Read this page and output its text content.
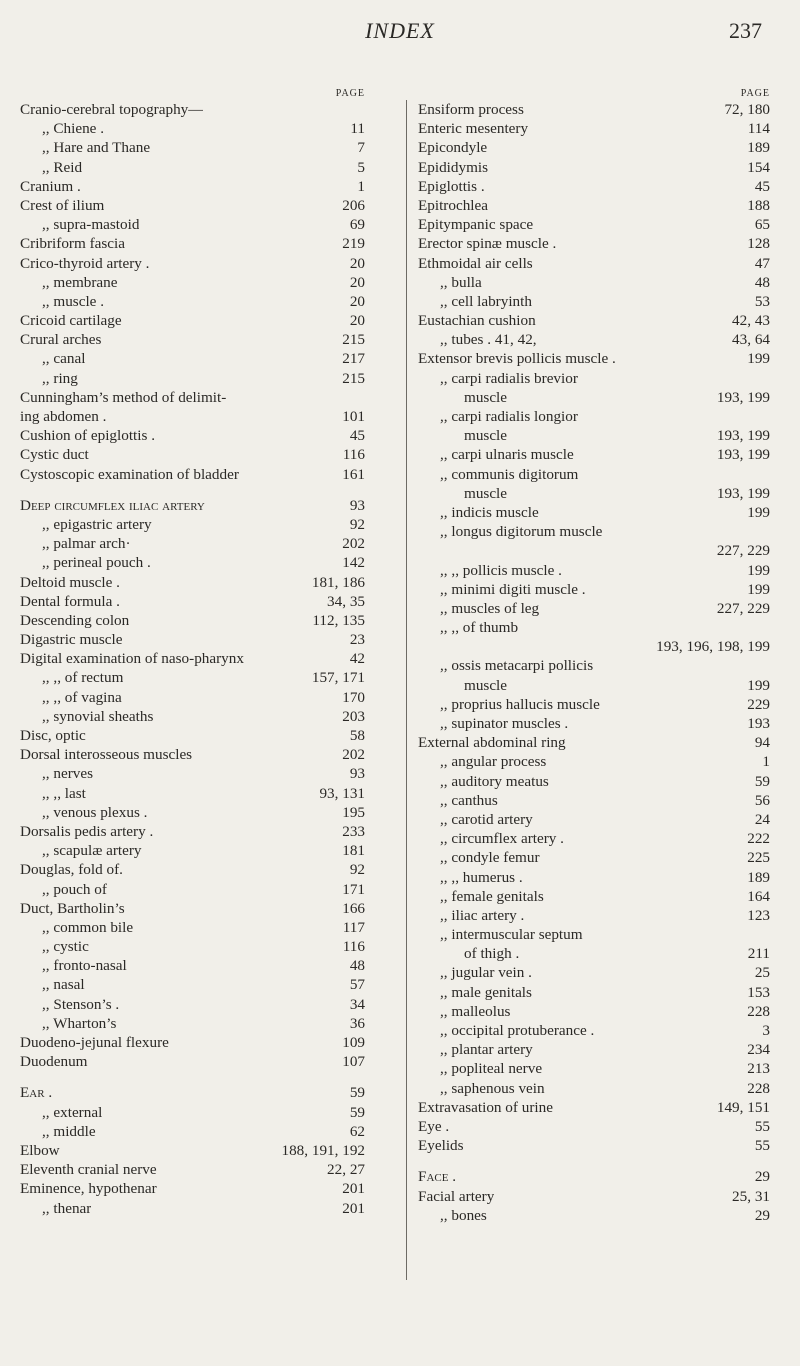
INDEX	237
PAGE
Cranio-cerebral topography—
,, Chiene .	11
,, Hare and Thane	7
,, Reid	5
Cranium .	1
Crest of ilium	206
,, supra-mastoid	69
Cribriform fascia	219
Crico-thyroid artery .	20
,, membrane	20
,, muscle .	20
Cricoid cartilage	20
Crural arches	215
,, canal	217
,, ring	215
Cunningham’s method of delimit-
ing abdomen .	101
Cushion of epiglottis .	45
Cystic duct	116
Cystoscopic examination of bladder	161
Deep circumflex iliac artery	93
,, epigastric artery	92
,, palmar arch·	202
,, perineal pouch .	142
Deltoid muscle .	181, 186
Dental formula .	34, 35
Descending colon	112, 135
Digastric muscle	23
Digital examination of naso-pharynx	42
,, ,, of rectum	157, 171
,, ,, of vagina	170
,, synovial sheaths	203
Disc, optic	58
Dorsal interosseous muscles	202
,, nerves	93
,, ,, last	93, 131
,, venous plexus .	195
Dorsalis pedis artery .	233
,, scapulæ artery	181
Douglas, fold of.	92
,, pouch of	171
Duct, Bartholin’s	166
,, common bile	117
,, cystic	116
,, fronto-nasal	48
,, nasal	57
,, Stenson’s .	34
,, Wharton’s	36
Duodeno-jejunal flexure	109
Duodenum	107
Ear .	59
,, external	59
,, middle	62
Elbow	188, 191, 192
Eleventh cranial nerve	22, 27
Eminence, hypothenar	201
,, thenar	201
PAGE
Ensiform process	72, 180
Enteric mesentery	114
Epicondyle	189
Epididymis	154
Epiglottis .	45
Epitrochlea	188
Epitympanic space	65
Erector spinæ muscle .	128
Ethmoidal air cells	47
,, bulla	48
,, cell labryinth	53
Eustachian cushion	42, 43
,, tubes . 41, 42,	43, 64
Extensor brevis pollicis muscle .	199
,, carpi radialis brevior
muscle	193, 199
,, carpi radialis longior
muscle	193, 199
,, carpi ulnaris muscle	193, 199
,, communis digitorum
muscle	193, 199
,, indicis muscle	199
,, longus digitorum muscle
227, 229
,, ,, pollicis muscle .	199
,, minimi digiti muscle .	199
,, muscles of leg	227, 229
,, ,, of thumb
193, 196, 198, 199
,, ossis metacarpi pollicis
muscle	199
,, proprius hallucis muscle	229
,, supinator muscles .	193
External abdominal ring	94
,, angular process	1
,, auditory meatus	59
,, canthus	56
,, carotid artery	24
,, circumflex artery .	222
,, condyle femur	225
,, ,, humerus .	189
,, female genitals	164
,, iliac artery .	123
,, intermuscular septum
of thigh .	211
,, jugular vein .	25
,, male genitals	153
,, malleolus	228
,, occipital protuberance .	3
,, plantar artery	234
,, popliteal nerve	213
,, saphenous vein	228
Extravasation of urine	149, 151
Eye .	55
Eyelids	55
Face .	29
Facial artery	25, 31
,, bones	29
